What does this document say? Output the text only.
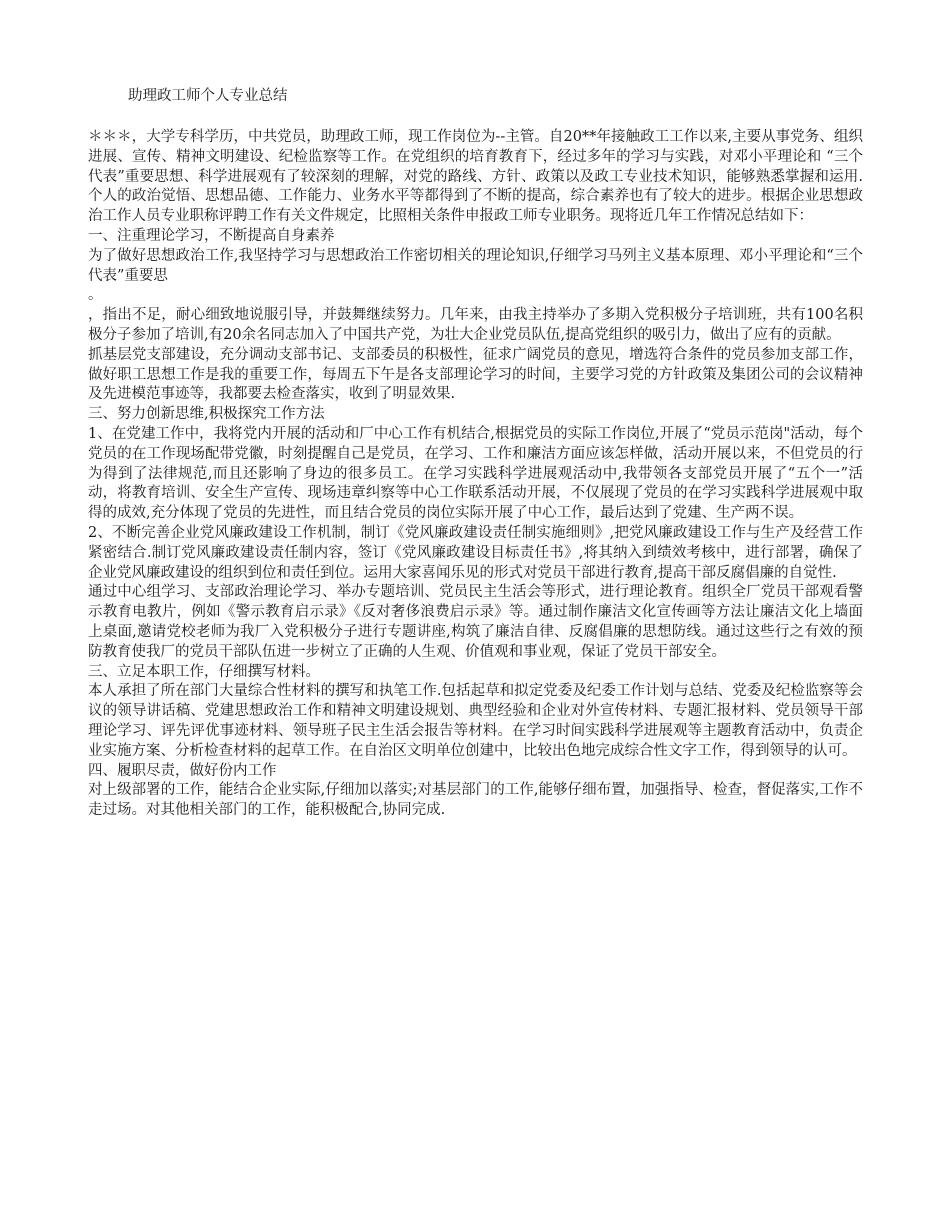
助理政工师个人专业总结

＊＊＊，大学专科学历，中共党员，助理政工师，现工作岗位为--主管。自20**年接触政工工作以来,主要从事党务、组织进展、宣传、精神文明建设、纪检监察等工作。在党组织的培育教育下，经过多年的学习与实践，对邓小平理论和 “三个代表”重要思想、科学进展观有了较深刻的理解，对党的路线、方针、政策以及政工专业技术知识，能够熟悉掌握和运用.个人的政治觉悟、思想品德、工作能力、业务水平等都得到了不断的提高，综合素养也有了较大的进步。根据企业思想政治工作人员专业职称评聘工作有关文件规定，比照相关条件申报政工师专业职务。现将近几年工作情况总结如下：

一、注重理论学习，不断提高自身素养

为了做好思想政治工作,我坚持学习与思想政治工作密切相关的理论知识,仔细学习马列主义基本原理、邓小平理论和“三个代表”重要思

。

，指出不足，耐心细致地说服引导，并鼓舞继续努力。几年来，由我主持举办了多期入党积极分子培训班，共有100名积极分子参加了培训,有20余名同志加入了中国共产党，为壮大企业党员队伍,提高党组织的吸引力，做出了应有的贡献。

抓基层党支部建设，充分调动支部书记、支部委员的积极性，征求广阔党员的意见，增选符合条件的党员参加支部工作，做好职工思想工作是我的重要工作，每周五下午是各支部理论学习的时间，主要学习党的方针政策及集团公司的会议精神及先进模范事迹等，我都要去检查落实，收到了明显效果.

三、努力创新思维,积极探究工作方法

1、在党建工作中，我将党内开展的活动和厂中心工作有机结合,根据党员的实际工作岗位,开展了“党员示范岗"活动，每个党员的在工作现场配带党徽，时刻提醒自己是党员，在学习、工作和廉洁方面应该怎样做，活动开展以来，不但党员的行为得到了法律规范,而且还影响了身边的很多员工。在学习实践科学进展观活动中,我带领各支部党员开展了“五个一”活动，将教育培训、安全生产宣传、现场违章纠察等中心工作联系活动开展，不仅展现了党员的在学习实践科学进展观中取得的成效,充分体现了党员的先进性，而且结合党员的岗位实际开展了中心工作，最后达到了党建、生产两不误。

2、不断完善企业党风廉政建设工作机制，制订《党风廉政建设责任制实施细则》,把党风廉政建设工作与生产及经营工作紧密结合.制订党风廉政建设责任制内容，签订《党风廉政建设目标责任书》,将其纳入到绩效考核中，进行部署，确保了企业党风廉政建设的组织到位和责任到位。运用大家喜闻乐见的形式对党员干部进行教育,提高干部反腐倡廉的自觉性.

通过中心组学习、支部政治理论学习、举办专题培训、党员民主生活会等形式，进行理论教育。组织全厂党员干部观看警示教育电教片，例如《警示教育启示录》《反对奢侈浪费启示录》等。通过制作廉洁文化宣传画等方法让廉洁文化上墙面上桌面,邀请党校老师为我厂入党积极分子进行专题讲座,构筑了廉洁自律、反腐倡廉的思想防线。通过这些行之有效的预防教育使我厂的党员干部队伍进一步树立了正确的人生观、价值观和事业观，保证了党员干部安全。

三、立足本职工作，仔细撰写材料。

本人承担了所在部门大量综合性材料的撰写和执笔工作.包括起草和拟定党委及纪委工作计划与总结、党委及纪检监察等会议的领导讲话稿、党建思想政治工作和精神文明建设规划、典型经验和企业对外宣传材料、专题汇报材料、党员领导干部理论学习、评先评优事迹材料、领导班子民主生活会报告等材料。在学习时间实践科学进展观等主题教育活动中，负责企业实施方案、分析检查材料的起草工作。在自治区文明单位创建中，比较出色地完成综合性文字工作，得到领导的认可。

四、履职尽责，做好份内工作

对上级部署的工作，能结合企业实际,仔细加以落实;对基层部门的工作,能够仔细布置，加强指导、检查，督促落实,工作不走过场。对其他相关部门的工作，能积极配合,协同完成.
